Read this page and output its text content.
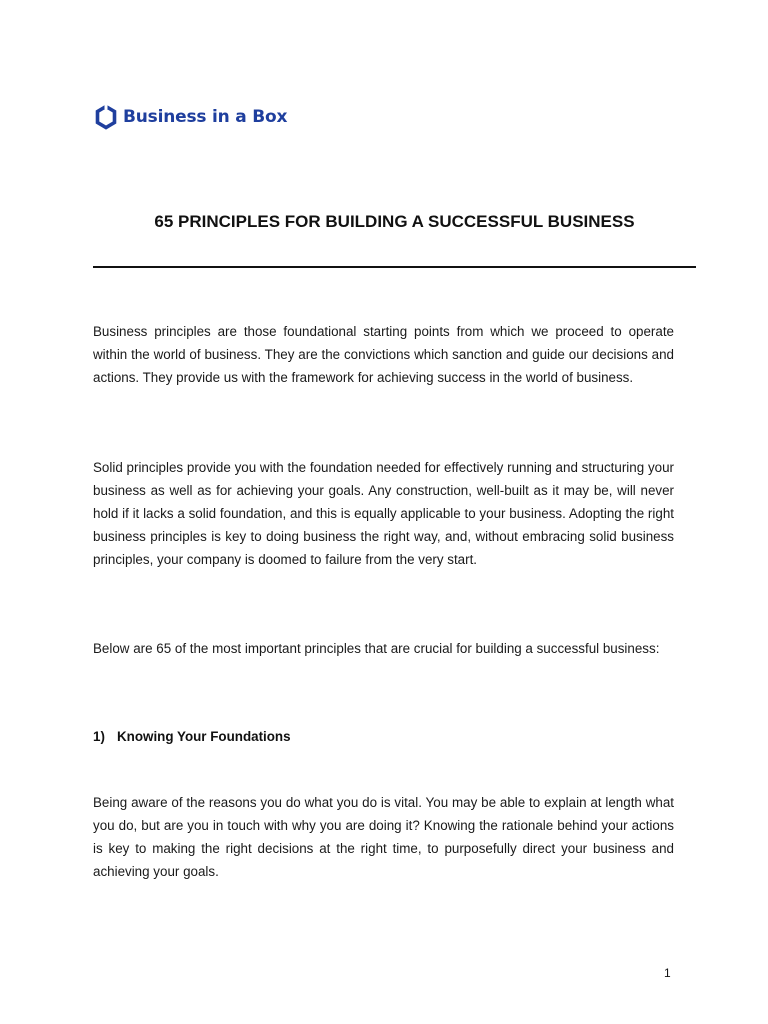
Business in a Box
65 PRINCIPLES FOR BUILDING A SUCCESSFUL BUSINESS

Business principles are those foundational starting points from which we proceed to operate within the world of business. They are the convictions which sanction and guide our decisions and actions. They provide us with the framework for achieving success in the world of business.

Solid principles provide you with the foundation needed for effectively running and structuring your business as well as for achieving your goals. Any construction, well-built as it may be, will never hold if it lacks a solid foundation, and this is equally applicable to your business. Adopting the right business principles is key to doing business the right way, and, without embracing solid business principles, your company is doomed to failure from the very start.

Below are 65 of the most important principles that are crucial for building a successful business:

1) Knowing Your Foundations

Being aware of the reasons you do what you do is vital. You may be able to explain at length what you do, but are you in touch with why you are doing it? Knowing the rationale behind your actions is key to making the right decisions at the right time, to purposefully direct your business and achieving your goals.

1
